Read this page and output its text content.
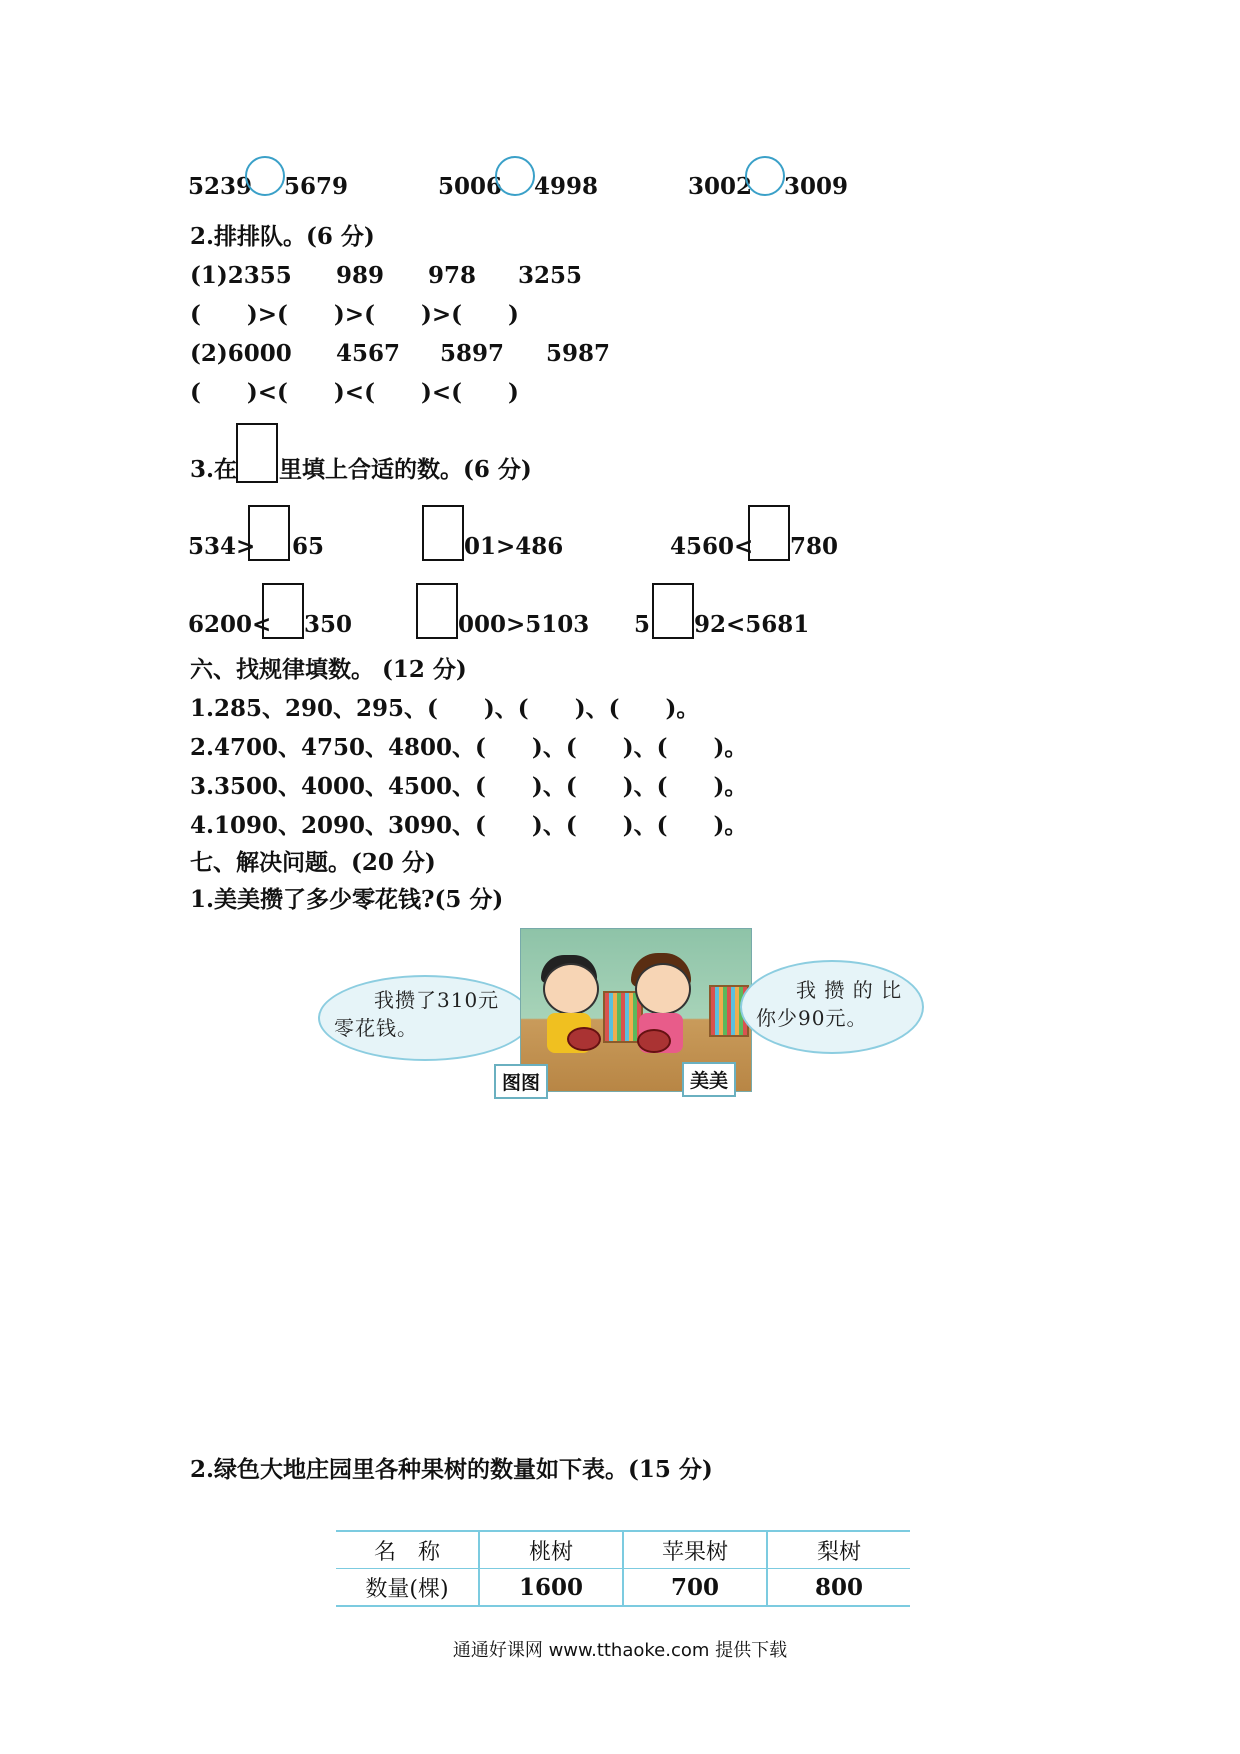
5239 5679	5006 4998	3002 3009
2.排排队。(6 分)
(1)2355 989 978 3255
(　　)>(　　)>(　　)>(　　)
(2)6000 4567 5897 5987
(　　)<(　　)<(　　)<(　　)
3.在 里填上合适的数。(6 分)
534> 65	01>486	4560< 780
6200< 350	000>5103 5 92<5681
六、找规律填数。 (12 分)
1.285、290、295、(　　)、(　　)、(　　)。
2.4700、4750、4800、(　　)、(　　)、(　　)。
3.3500、4000、4500、(　　)、(　　)、(　　)。
4.1090、2090、3090、(　　)、(　　)、(　　)。
七、解决问题。(20 分)
1.美美攒了多少零花钱?(5 分)
我攒了310元
零花钱。
图图	美美
我 攒 的 比
你少90元。
2.绿色大地庄园里各种果树的数量如下表。(15 分)
名　称	桃树	苹果树	梨树
数量(棵)	1600	700	800
通通好课网 www.tthaoke.com 提供下载
